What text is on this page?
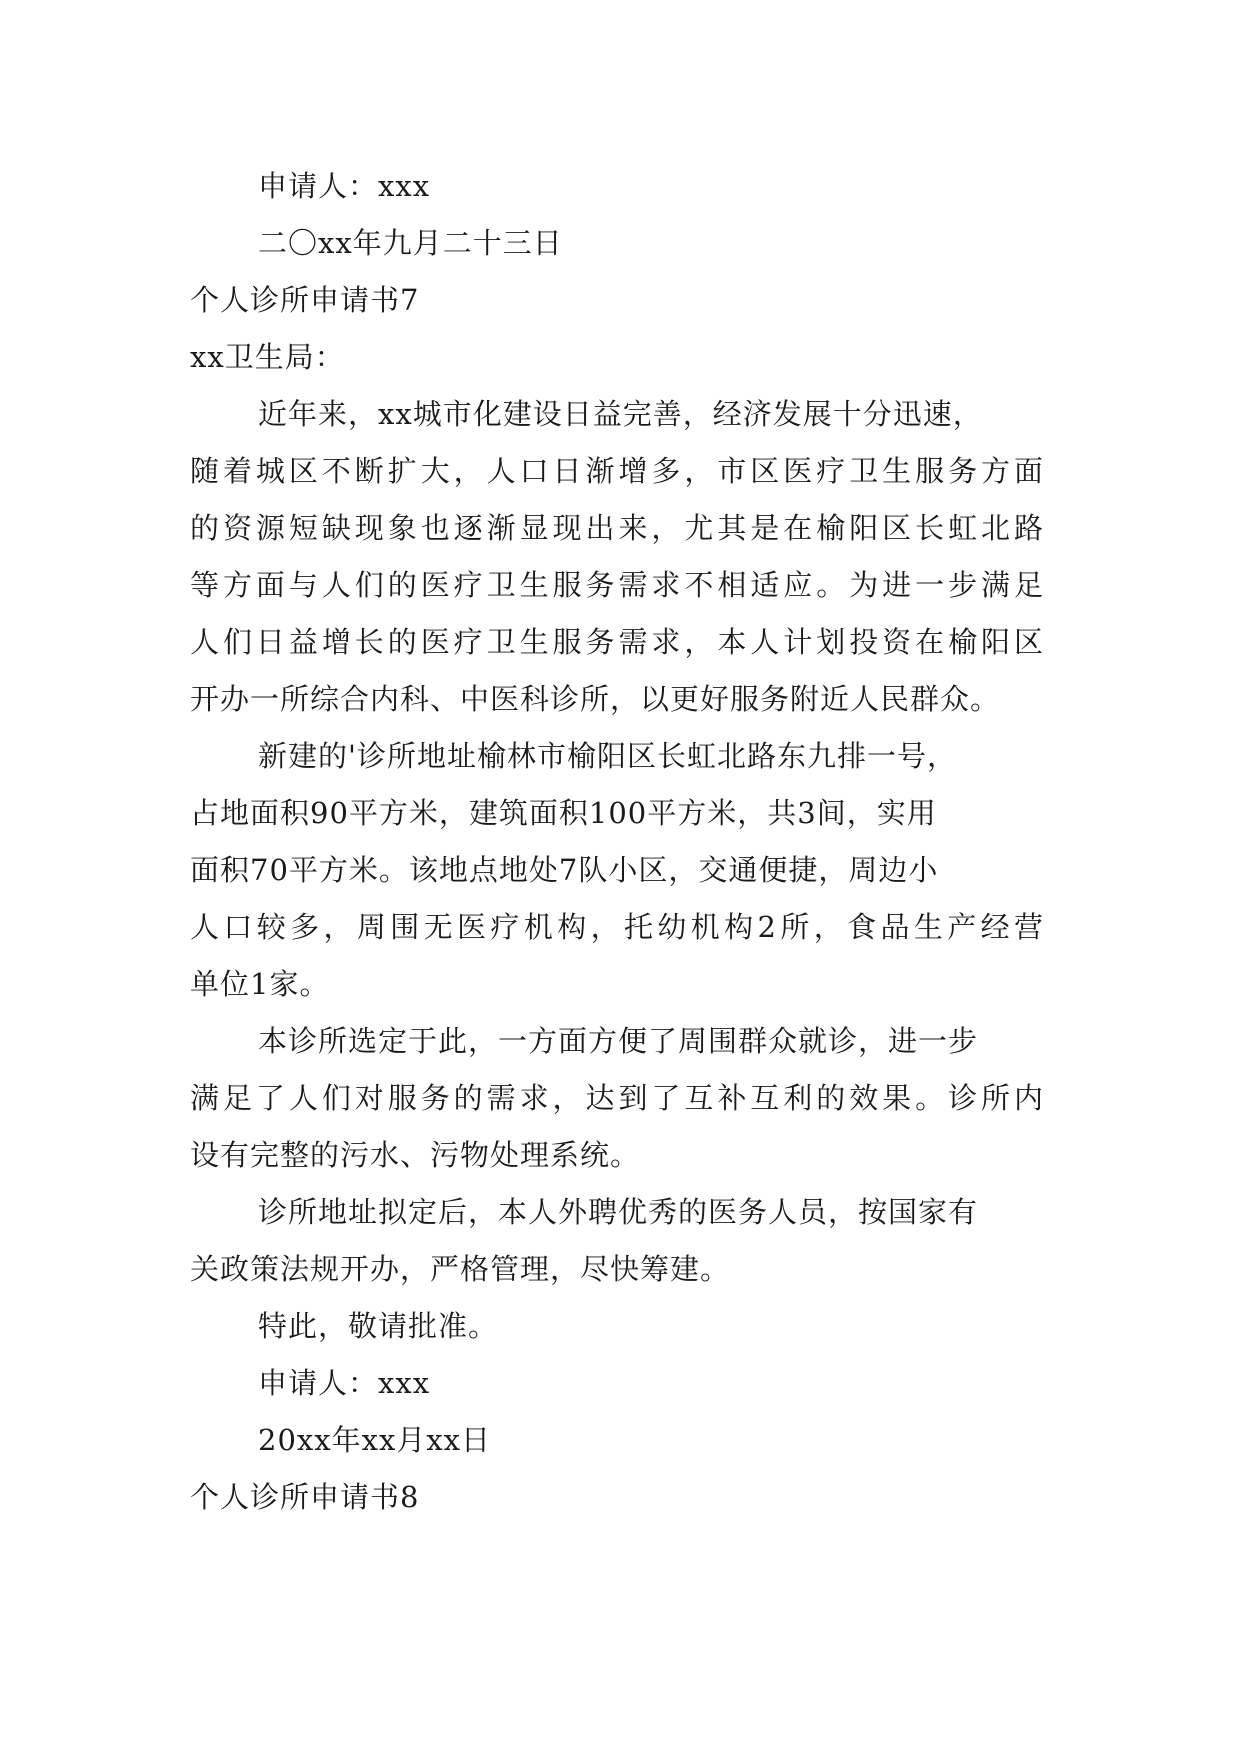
申请人：xxx
二〇xx年九月二十三日
个人诊所申请书7
xx卫生局：
近年来，xx城市化建设日益完善，经济发展十分迅速，
随着城区不断扩大，人口日渐增多，市区医疗卫生服务方面
的资源短缺现象也逐渐显现出来，尤其是在榆阳区长虹北路
等方面与人们的医疗卫生服务需求不相适应。为进一步满足
人们日益增长的医疗卫生服务需求，本人计划投资在榆阳区
开办一所综合内科、中医科诊所，以更好服务附近人民群众。
新建的'诊所地址榆林市榆阳区长虹北路东九排一号，
占地面积90平方米，建筑面积100平方米，共3间，实用
面积70平方米。该地点地处7队小区，交通便捷，周边小
人口较多，周围无医疗机构，托幼机构2所，食品生产经营
单位1家。
本诊所选定于此，一方面方便了周围群众就诊，进一步
满足了人们对服务的需求，达到了互补互利的效果。诊所内
设有完整的污水、污物处理系统。
诊所地址拟定后，本人外聘优秀的医务人员，按国家有
关政策法规开办，严格管理，尽快筹建。
特此，敬请批准。
申请人：xxx
20xx年xx月xx日
个人诊所申请书8
